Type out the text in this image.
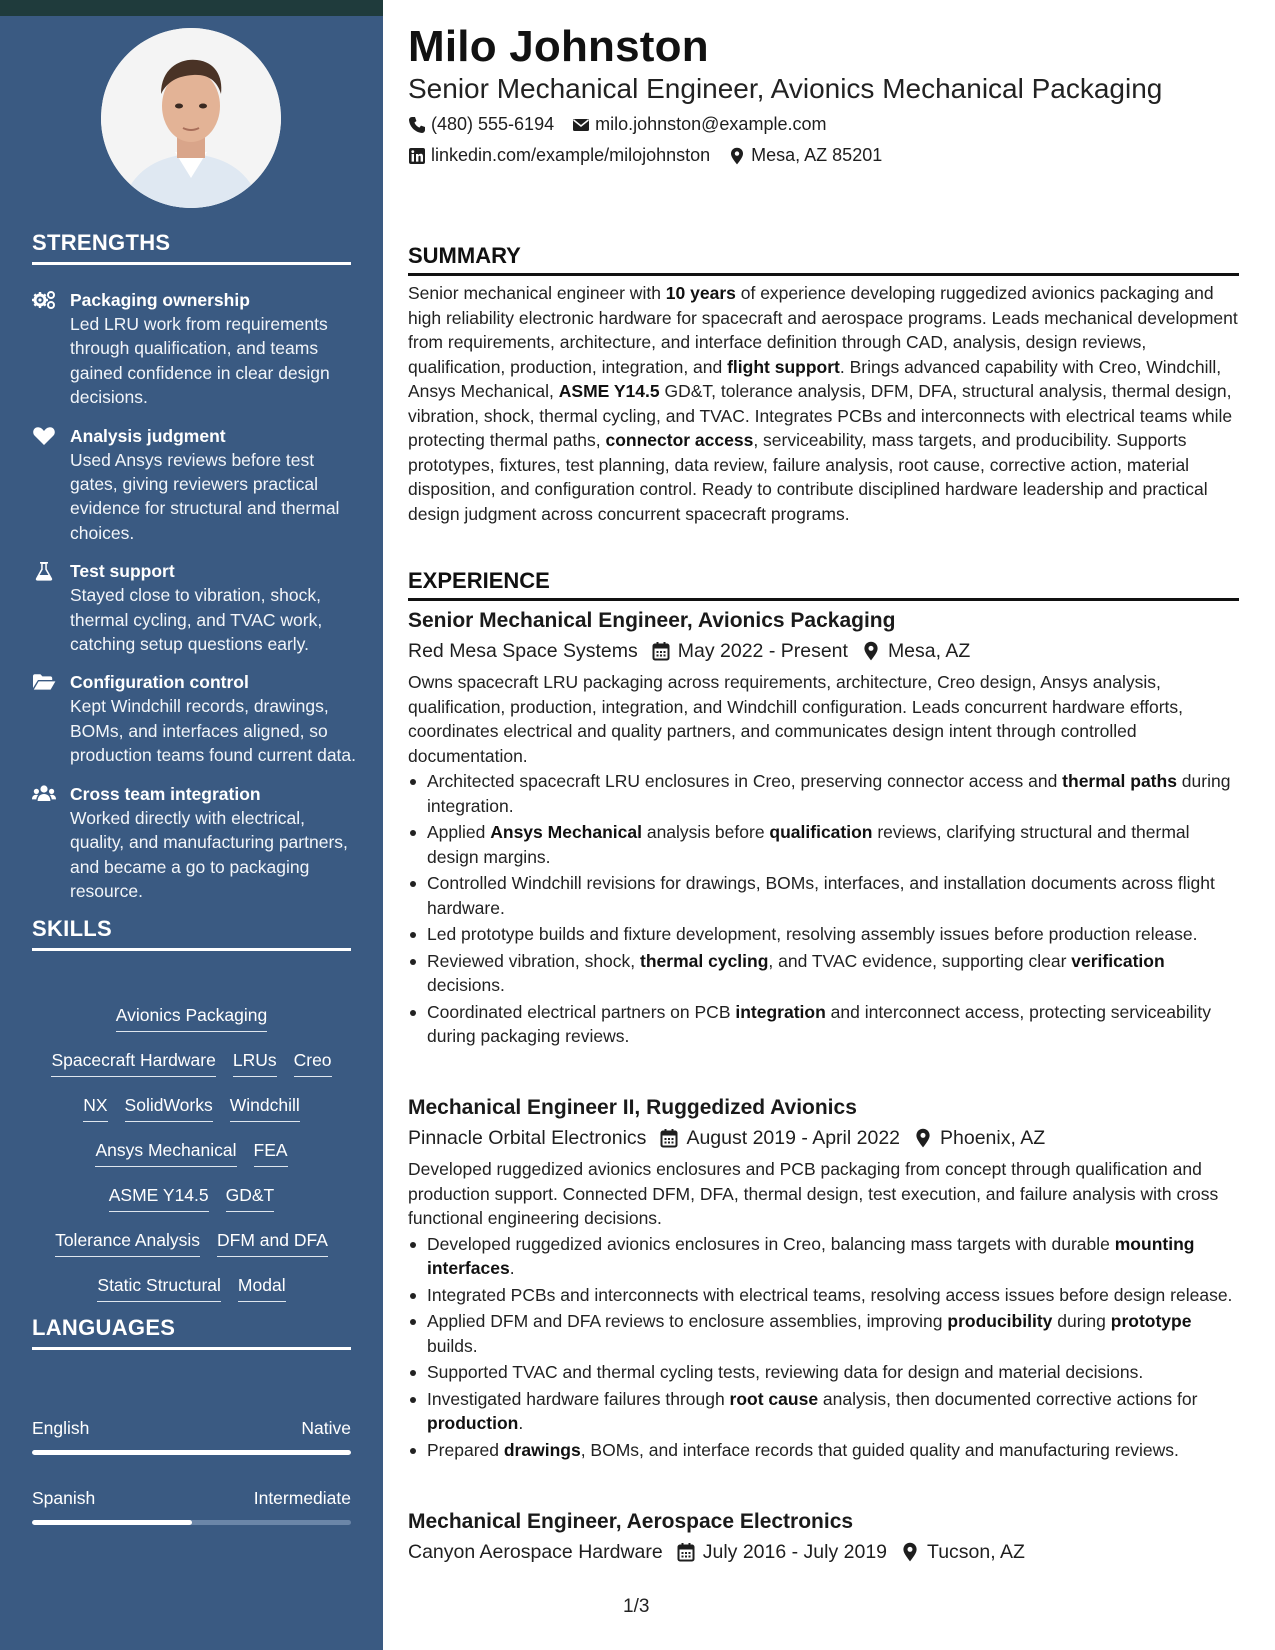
STRENGTHS
Packaging ownership
Led LRU work from requirements through qualification, and teams gained confidence in clear design decisions.
Analysis judgment
Used Ansys reviews before test gates, giving reviewers practical evidence for structural and thermal choices.
Test support
Stayed close to vibration, shock, thermal cycling, and TVAC work, catching setup questions early.
Configuration control
Kept Windchill records, drawings, BOMs, and interfaces aligned, so production teams found current data.
Cross team integration
Worked directly with electrical, quality, and manufacturing partners, and became a go to packaging resource.
SKILLS
Avionics Packaging
Spacecraft Hardware LRUs Creo
NX SolidWorks Windchill
Ansys Mechanical FEA
ASME Y14.5 GD&T
Tolerance Analysis DFM and DFA
Static Structural Modal
LANGUAGES
English	Native
Spanish	Intermediate
Milo Johnston
Senior Mechanical Engineer, Avionics Mechanical Packaging
(480) 555-6194 milo.johnston@example.com
linkedin.com/example/milojohnston Mesa, AZ 85201
SUMMARY
Senior mechanical engineer with 10 years of experience developing ruggedized avionics packaging and high reliability electronic hardware for spacecraft and aerospace programs. Leads mechanical development from requirements, architecture, and interface definition through CAD, analysis, design reviews, qualification, production, integration, and flight support. Brings advanced capability with Creo, Windchill, Ansys Mechanical, ASME Y14.5 GD&T, tolerance analysis, DFM, DFA, structural analysis, thermal design, vibration, shock, thermal cycling, and TVAC. Integrates PCBs and interconnects with electrical teams while protecting thermal paths, connector access, serviceability, mass targets, and producibility. Supports prototypes, fixtures, test planning, data review, failure analysis, root cause, corrective action, material disposition, and configuration control. Ready to contribute disciplined hardware leadership and practical design judgment across concurrent spacecraft programs.
EXPERIENCE
Senior Mechanical Engineer, Avionics Packaging
Red Mesa Space Systems May 2022 - Present Mesa, AZ
Owns spacecraft LRU packaging across requirements, architecture, Creo design, Ansys analysis, qualification, production, integration, and Windchill configuration. Leads concurrent hardware efforts, coordinates electrical and quality partners, and communicates design intent through controlled documentation.
Architected spacecraft LRU enclosures in Creo, preserving connector access and thermal paths during integration.
Applied Ansys Mechanical analysis before qualification reviews, clarifying structural and thermal design margins.
Controlled Windchill revisions for drawings, BOMs, interfaces, and installation documents across flight hardware.
Led prototype builds and fixture development, resolving assembly issues before production release.
Reviewed vibration, shock, thermal cycling, and TVAC evidence, supporting clear verification decisions.
Coordinated electrical partners on PCB integration and interconnect access, protecting serviceability during packaging reviews.
Mechanical Engineer II, Ruggedized Avionics
Pinnacle Orbital Electronics August 2019 - April 2022 Phoenix, AZ
Developed ruggedized avionics enclosures and PCB packaging from concept through qualification and production support. Connected DFM, DFA, thermal design, test execution, and failure analysis with cross functional engineering decisions.
Developed ruggedized avionics enclosures in Creo, balancing mass targets with durable mounting interfaces.
Integrated PCBs and interconnects with electrical teams, resolving access issues before design release.
Applied DFM and DFA reviews to enclosure assemblies, improving producibility during prototype builds.
Supported TVAC and thermal cycling tests, reviewing data for design and material decisions.
Investigated hardware failures through root cause analysis, then documented corrective actions for production.
Prepared drawings, BOMs, and interface records that guided quality and manufacturing reviews.
Mechanical Engineer, Aerospace Electronics
Canyon Aerospace Hardware July 2016 - July 2019 Tucson, AZ
1/3
